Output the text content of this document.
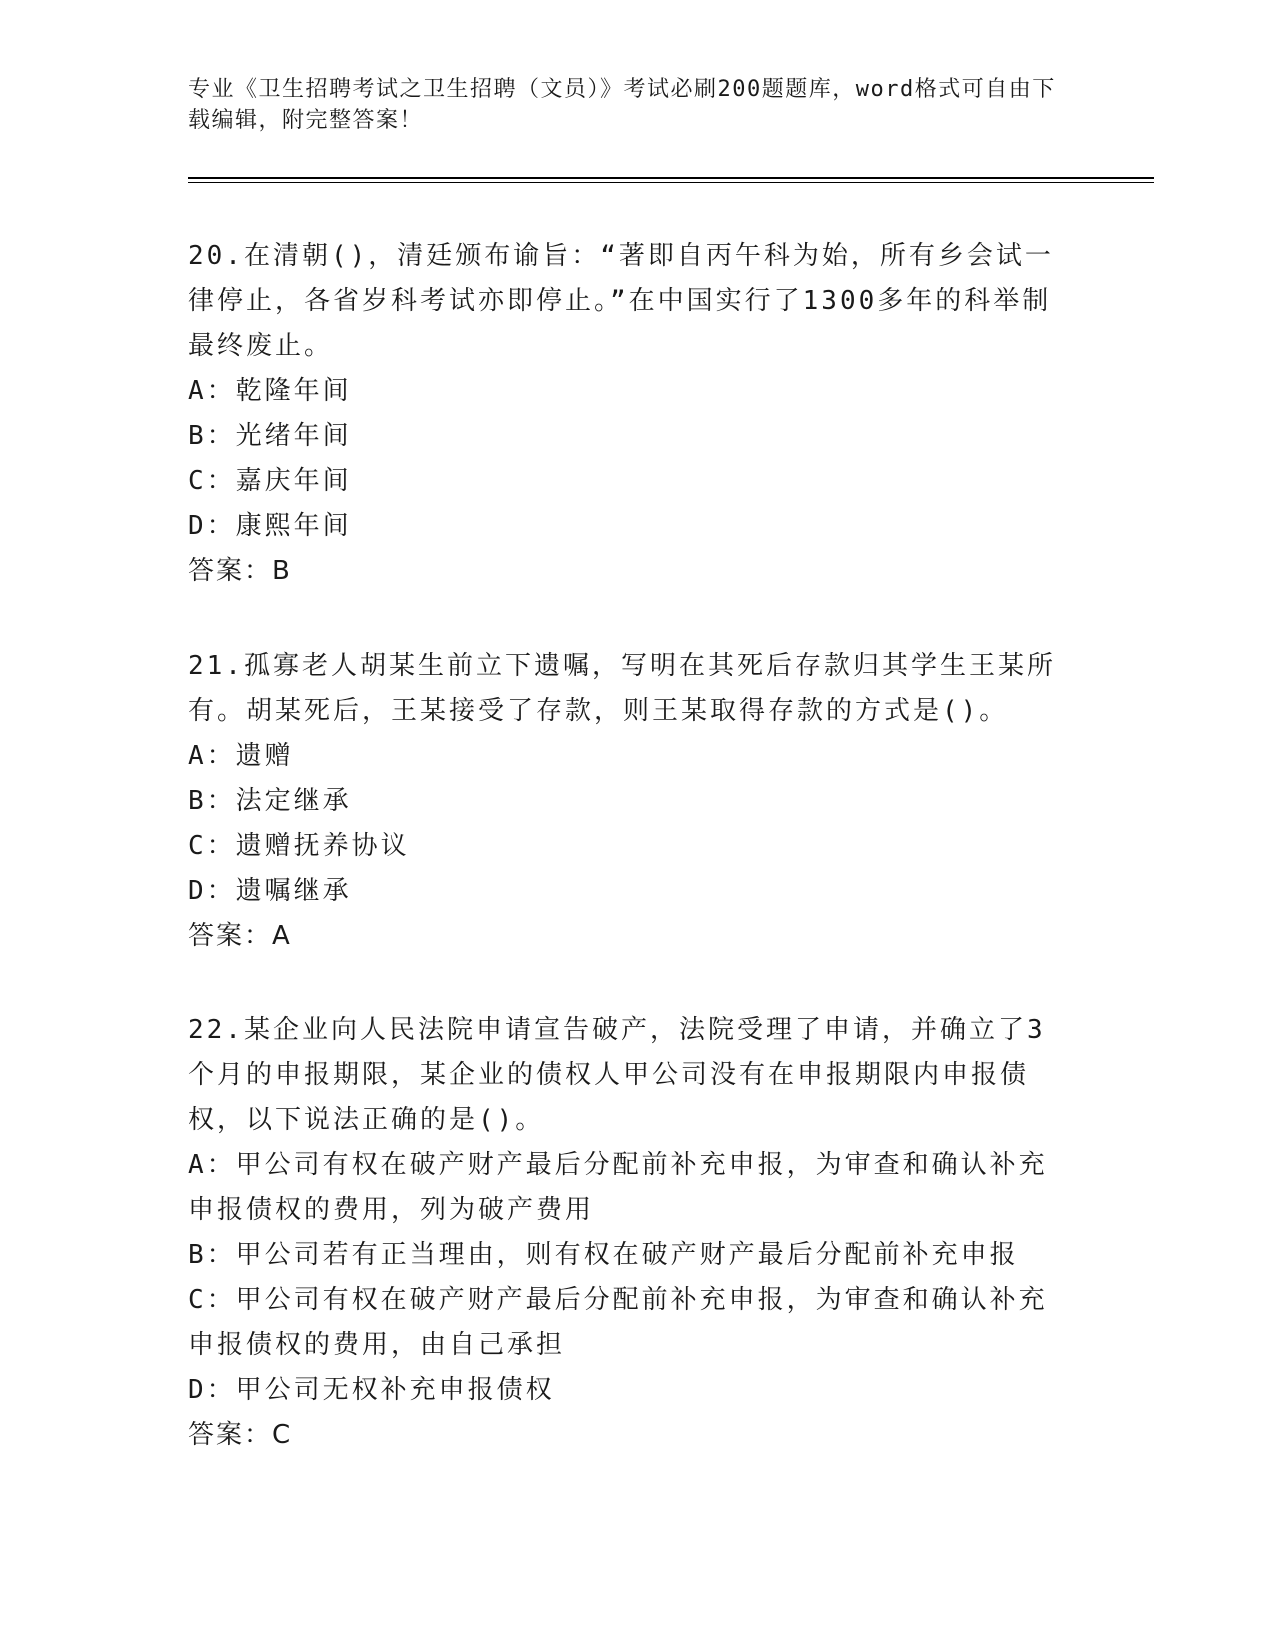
专业《卫生招聘考试之卫生招聘（文员）》考试必刷200题题库，word格式可自由下载编辑，附完整答案！

20.在清朝()，清廷颁布谕旨：“著即自丙午科为始，所有乡会试一律停止，各省岁科考试亦即停止。”在中国实行了1300多年的科举制最终废止。

A：乾隆年间

B：光绪年间

C：嘉庆年间

D：康熙年间

答案：B

21.孤寡老人胡某生前立下遗嘱，写明在其死后存款归其学生王某所有。胡某死后，王某接受了存款，则王某取得存款的方式是()。

A：遗赠

B：法定继承

C：遗赠抚养协议

D：遗嘱继承

答案：A

22.某企业向人民法院申请宣告破产，法院受理了申请，并确立了3个月的申报期限，某企业的债权人甲公司没有在申报期限内申报债权，以下说法正确的是()。

A：甲公司有权在破产财产最后分配前补充申报，为审查和确认补充申报债权的费用，列为破产费用

B：甲公司若有正当理由，则有权在破产财产最后分配前补充申报

C：甲公司有权在破产财产最后分配前补充申报，为审查和确认补充申报债权的费用，由自己承担

D：甲公司无权补充申报债权

答案：C
